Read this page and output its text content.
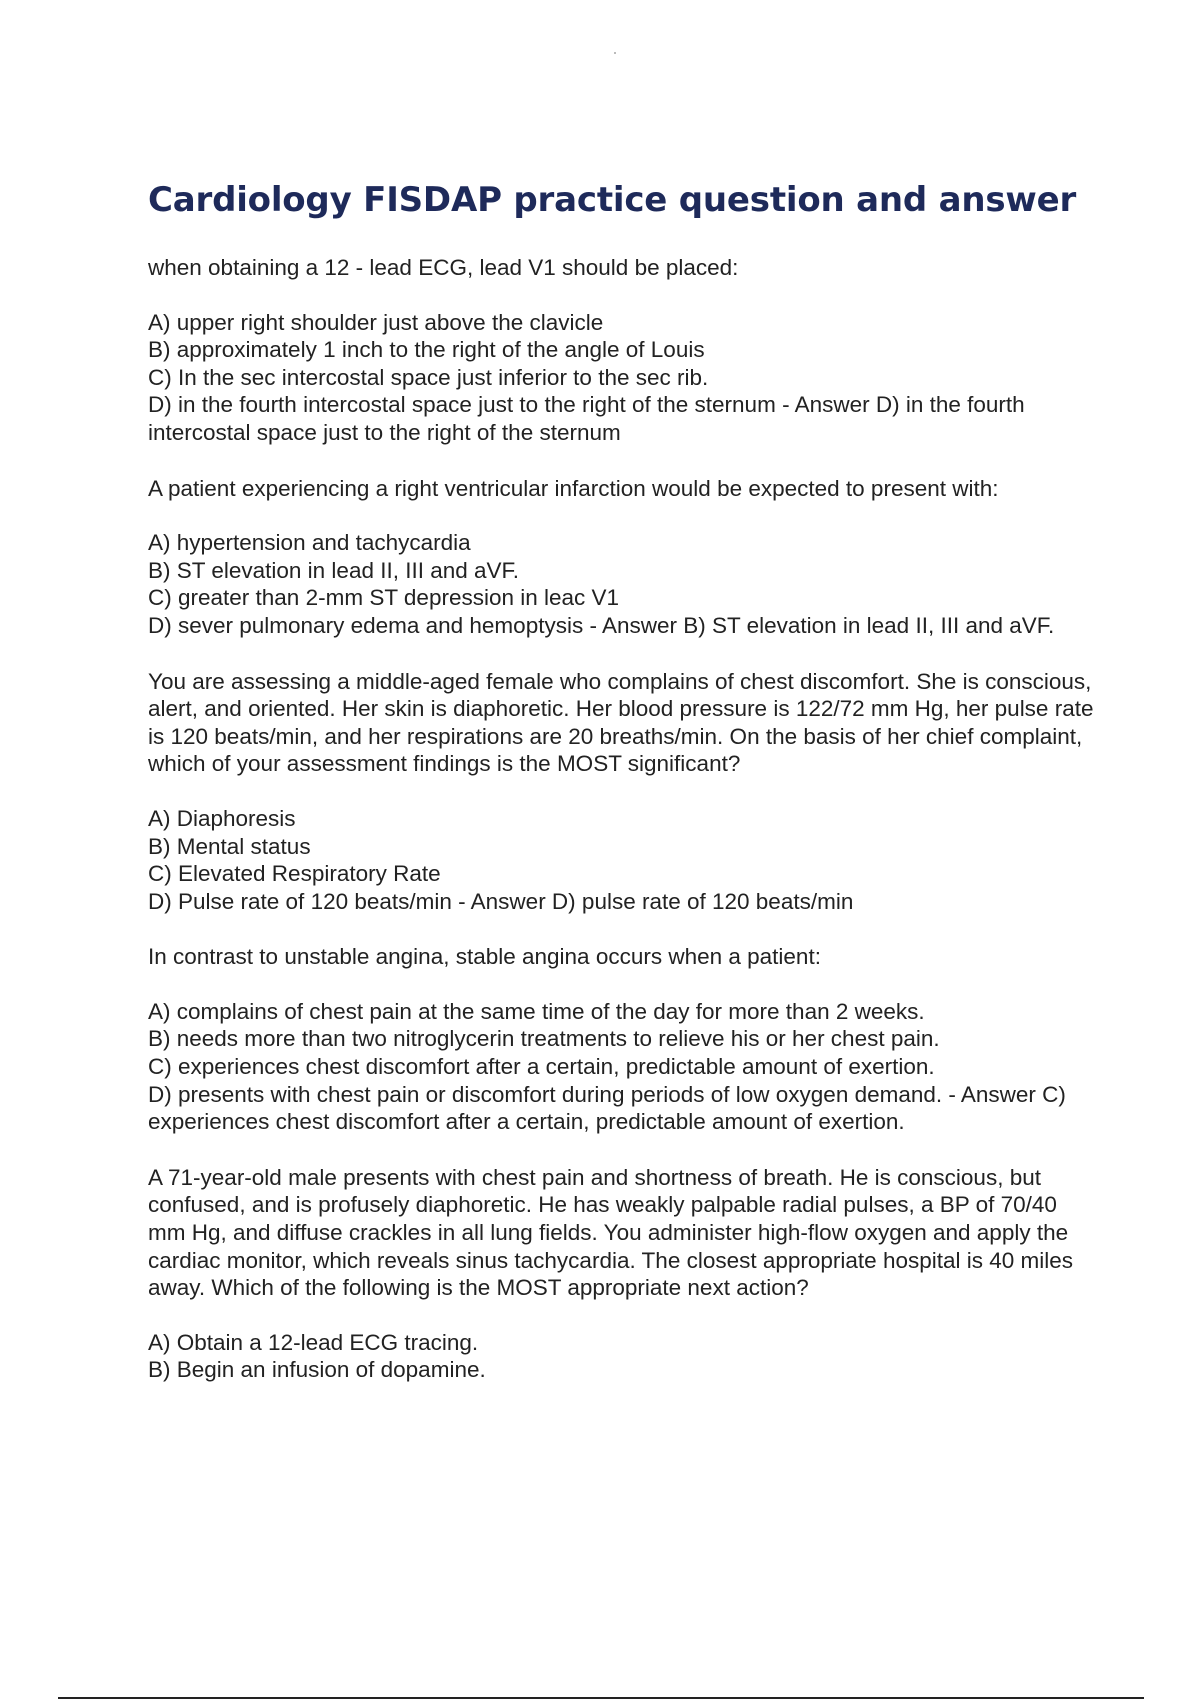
Cardiology FISDAP practice question and answer

when obtaining a 12 - lead ECG, lead V1 should be placed:

A) upper right shoulder just above the clavicle

B) approximately 1 inch to the right of the angle of Louis

C) In the sec intercostal space just inferior to the sec rib.

D) in the fourth intercostal space just to the right of the sternum - Answer D) in the fourth intercostal space just to the right of the sternum

A patient experiencing a right ventricular infarction would be expected to present with:

A) hypertension and tachycardia

B) ST elevation in lead II, III and aVF.

C) greater than 2-mm ST depression in leac V1

D) sever pulmonary edema and hemoptysis - Answer B) ST elevation in lead II, III and aVF.

You are assessing a middle-aged female who complains of chest discomfort. She is conscious, alert, and oriented. Her skin is diaphoretic. Her blood pressure is 122/72 mm Hg, her pulse rate is 120 beats/min, and her respirations are 20 breaths/min. On the basis of her chief complaint, which of your assessment findings is the MOST significant?

A) Diaphoresis

B) Mental status

C) Elevated Respiratory Rate

D) Pulse rate of 120 beats/min - Answer D) pulse rate of 120 beats/min

In contrast to unstable angina, stable angina occurs when a patient:

A) complains of chest pain at the same time of the day for more than 2 weeks.

B) needs more than two nitroglycerin treatments to relieve his or her chest pain.

C) experiences chest discomfort after a certain, predictable amount of exertion.

D) presents with chest pain or discomfort during periods of low oxygen demand. - Answer C) experiences chest discomfort after a certain, predictable amount of exertion.

A 71-year-old male presents with chest pain and shortness of breath. He is conscious, but confused, and is profusely diaphoretic. He has weakly palpable radial pulses, a BP of 70/40 mm Hg, and diffuse crackles in all lung fields. You administer high-flow oxygen and apply the cardiac monitor, which reveals sinus tachycardia. The closest appropriate hospital is 40 miles away. Which of the following is the MOST appropriate next action?

A) Obtain a 12-lead ECG tracing.

B) Begin an infusion of dopamine.
